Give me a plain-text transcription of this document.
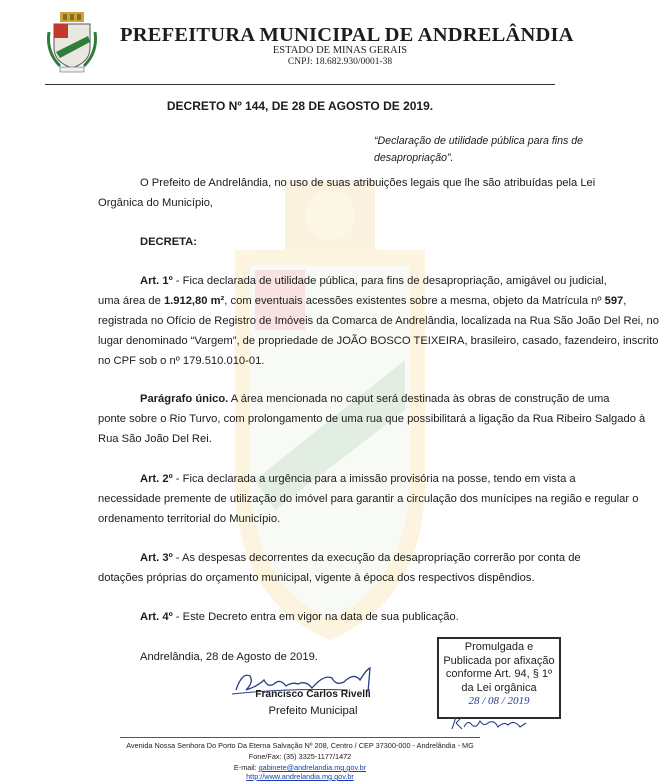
PREFEITURA MUNICIPAL DE ANDRELÂNDIA
ESTADO DE MINAS GERAIS
CNPJ: 18.682.930/0001-38
DECRETO Nº 144, DE 28 DE AGOSTO DE 2019.
“Declaração de utilidade pública para fins de
desapropriação”.
O Prefeito de Andrelândia, no uso de suas atribuições legais que lhe são atribuídas pela Lei
Orgânica do Município,
DECRETA:
Art. 1º - Fica declarada de utilidade pública, para fins de desapropriação, amigável ou judicial,
uma área de 1.912,80 m², com eventuais acessões existentes sobre a mesma, objeto da Matrícula nº 597,
registrada no Ofício de Registro de Imóveis da Comarca de Andrelândia, localizada na Rua São João Del Rei, no
lugar denominado “Vargem”, de propriedade de JOÃO BOSCO TEIXEIRA, brasileiro, casado, fazendeiro, inscrito
no CPF sob o nº 179.510.010-01.
Parágrafo único. A área mencionada no caput será destinada às obras de construção de uma
ponte sobre o Rio Turvo, com prolongamento de uma rua que possibilitará a ligação da Rua Ribeiro Salgado à
Rua São João Del Rei.
Art. 2º - Fica declarada a urgência para a imissão provisória na posse, tendo em vista a
necessidade premente de utilização do imóvel para garantir a circulação dos munícipes na região e regular o
ordenamento territorial do Município.
Art. 3º - As despesas decorrentes da execução da desapropriação correrão por conta de
dotações próprias do orçamento municipal, vigente à época dos respectivos dispêndios.
Art. 4º - Este Decreto entra em vigor na data de sua publicação.
Andrelândia, 28 de Agosto de 2019.
Francisco Carlos Rivelli
Prefeito Municipal
Promulgada e
Publicada por afixação
conforme Art. 94, § 1º
da Lei orgânica
28 / 08 / 2019
Avenida Nossa Senhora Do Porto Da Eterna Salvação Nº 208, Centro / CEP 37300-000 - Andrelândia - MG
Fone/Fax: (35) 3325-1177/1472
E-mail: gabinete@andrelandia.mg.gov.br
http://www.andrelandia.mg.gov.br
